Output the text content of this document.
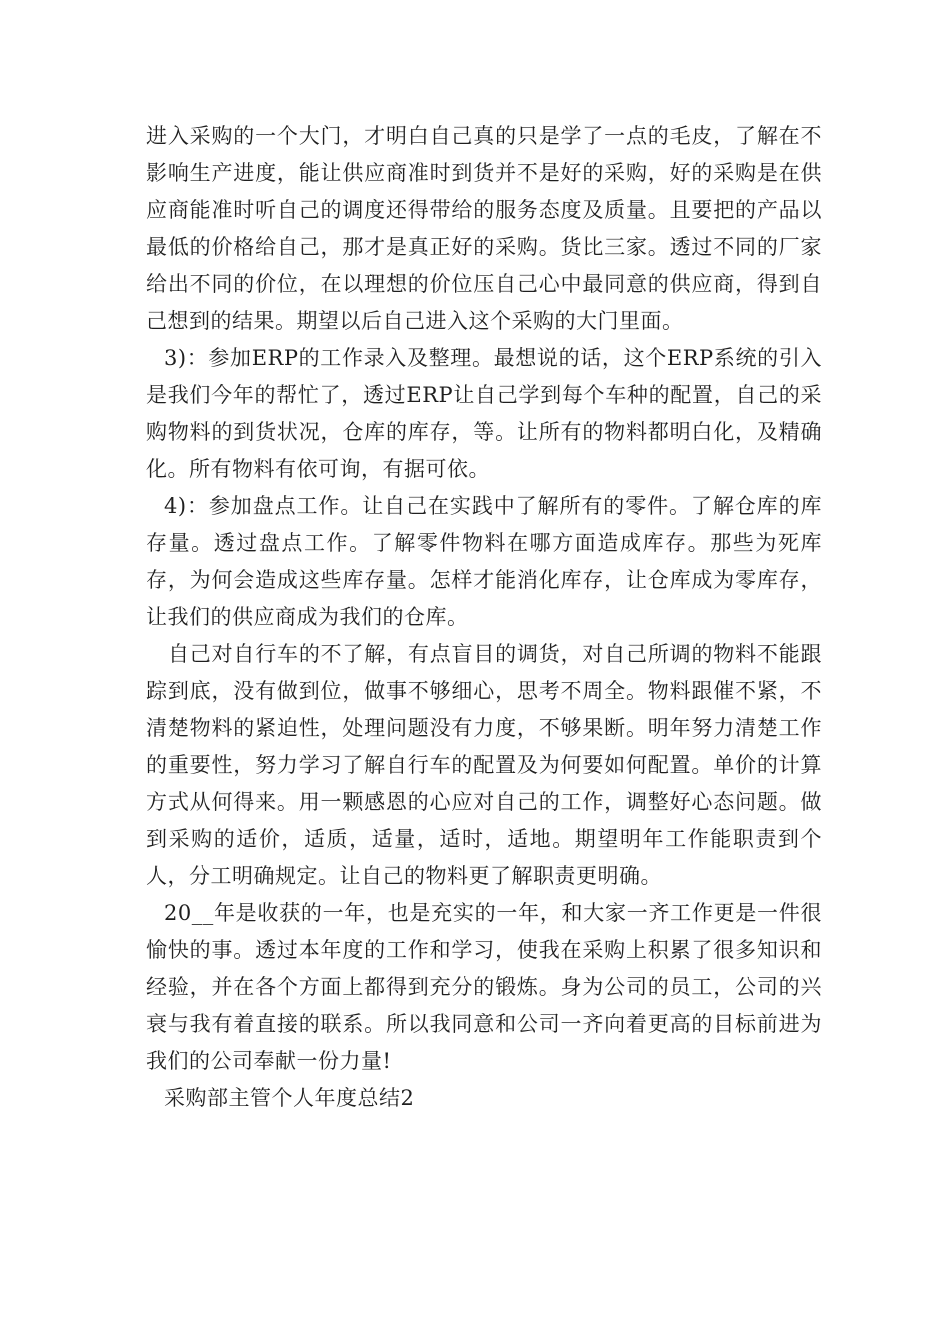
进入采购的一个大门，才明白自己真的只是学了一点的毛皮，了解在不影响生产进度，能让供应商准时到货并不是好的采购，好的采购是在供应商能准时听自己的调度还得带给的服务态度及质量。且要把的产品以最低的价格给自己，那才是真正好的采购。货比三家。透过不同的厂家给出不同的价位，在以理想的价位压自己心中最同意的供应商，得到自己想到的结果。期望以后自己进入这个采购的大门里面。

3)：参加ERP的工作录入及整理。最想说的话，这个ERP系统的引入是我们今年的帮忙了，透过ERP让自己学到每个车种的配置，自己的采购物料的到货状况，仓库的库存，等。让所有的物料都明白化，及精确化。所有物料有依可询，有据可依。

4)：参加盘点工作。让自己在实践中了解所有的零件。了解仓库的库存量。透过盘点工作。了解零件物料在哪方面造成库存。那些为死库存，为何会造成这些库存量。怎样才能消化库存，让仓库成为零库存，让我们的供应商成为我们的仓库。

自己对自行车的不了解，有点盲目的调货，对自己所调的物料不能跟踪到底，没有做到位，做事不够细心，思考不周全。物料跟催不紧，不清楚物料的紧迫性，处理问题没有力度，不够果断。明年努力清楚工作的重要性，努力学习了解自行车的配置及为何要如何配置。单价的计算方式从何得来。用一颗感恩的心应对自己的工作，调整好心态问题。做到采购的适价，适质，适量，适时，适地。期望明年工作能职责到个人，分工明确规定。让自己的物料更了解职责更明确。

20__年是收获的一年，也是充实的一年，和大家一齐工作更是一件很愉快的事。透过本年度的工作和学习，使我在采购上积累了很多知识和经验，并在各个方面上都得到充分的锻炼。身为公司的员工，公司的兴衰与我有着直接的联系。所以我同意和公司一齐向着更高的目标前进为我们的公司奉献一份力量!

采购部主管个人年度总结2
